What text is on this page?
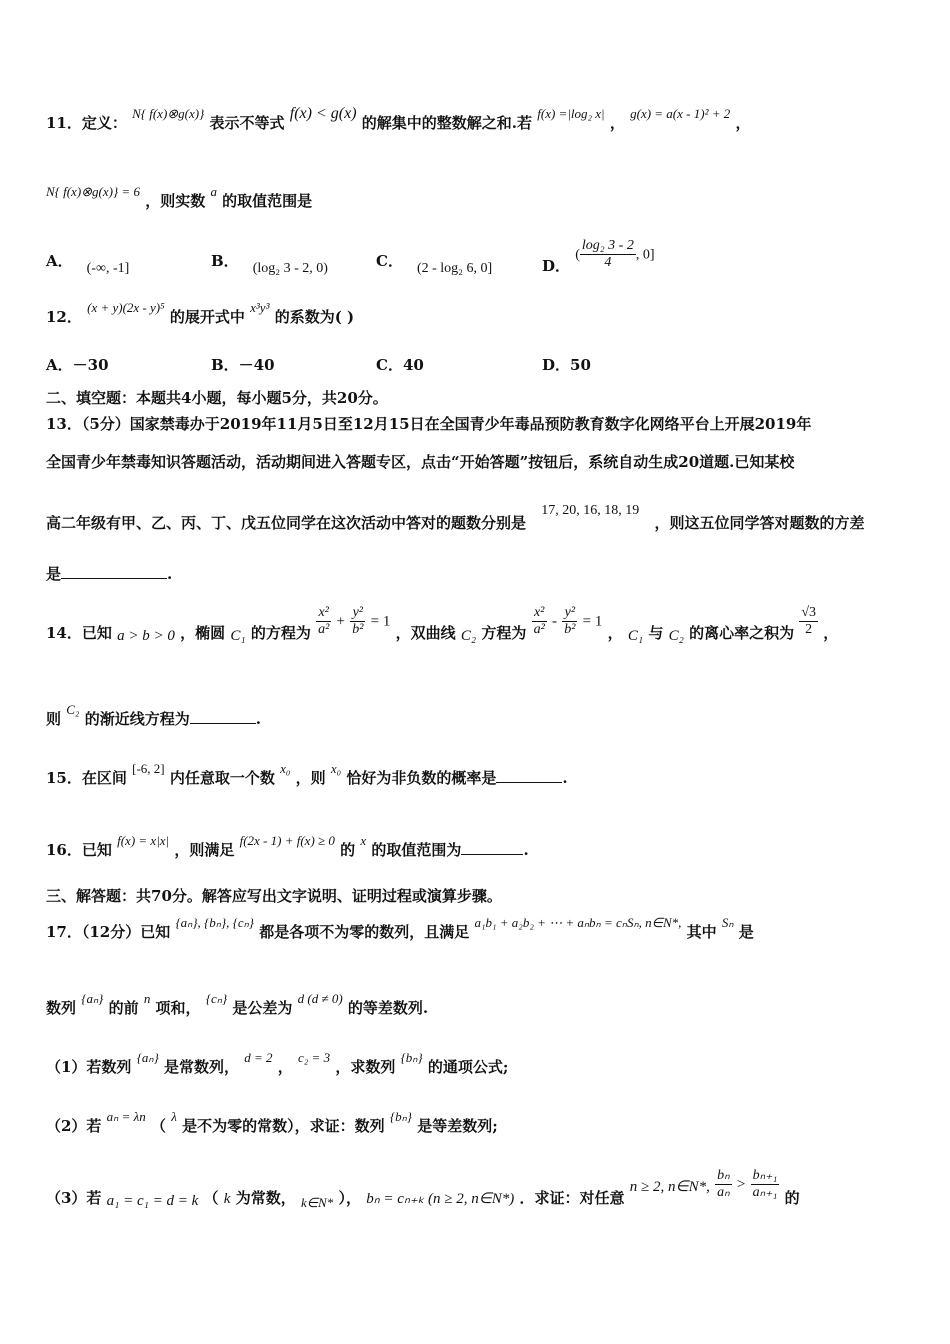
11．定义： N{ f(x)⊗g(x)} 表示不等式 f(x) < g(x) 的解集中的整数解之和.若 f(x) =|log₂ x| ， g(x) = a(x - 1)² + 2 ，
N{ f(x)⊗g(x)} = 6 ，则实数 a 的取值范围是
A． (-∞, -1]	B． (log₂ 3 - 2, 0)	C． (2 - log₂ 6, 0]	D． ( $\frac{\text{log₂ 3 - 2}}{4}$ , 0]
12． (x + y)(2x - y)⁵ 的展开式中 x³y³ 的系数为( )
A．－30	B．－40	C．40	D．50
二、填空题：本题共4小题，每小题5分，共20分。
13．（5分）国家禁毒办于2019年11月5日至12月15日在全国青少年毒品预防教育数字化网络平台上开展2019年
全国青少年禁毒知识答题活动，活动期间进入答题专区，点击“开始答题”按钮后，系统自动生成20道题.已知某校
高二年级有甲、乙、丙、丁、戊五位同学在这次活动中答对的题数分别是 17, 20, 16, 18, 19 ，则这五位同学答对题数的方差
是	.
14．已知 a > b > 0 ，椭圆 C₁ 的方程为 $\frac{\text{x²}}{\text{a²}} + \frac{\text{y²}}{\text{b²}} = 1$ ，双曲线 C₂ 方程为 $\frac{\text{x²}}{\text{a²}} - \frac{\text{y²}}{\text{b²}} = 1$ ， C₁ 与 C₂ 的离心率之积为 $\frac{√3}{2}$ ，
则 C₂ 的渐近线方程为	.
15．在区间 [-6, 2] 内任意取一个数 x₀ ，则 x₀ 恰好为非负数的概率是	.
16．已知 f(x) = x|x| ，则满足 f(2x - 1) + f(x) ≥ 0 的 x 的取值范围为	.
三、解答题：共70分。解答应写出文字说明、证明过程或演算步骤。
17．（12分）已知 {aₙ}, {bₙ}, {cₙ} 都是各项不为零的数列，且满足 a₁b₁ + a₂b₂ + ⋯ + aₙbₙ = cₙSₙ, n∈N*, 其中 Sₙ 是
数列 {aₙ} 的前 n 项和， {cₙ} 是公差为 d (d ≠ 0) 的等差数列.
（1）若数列 {aₙ} 是常数列， d = 2 ， c₂ = 3 ，求数列 {bₙ} 的通项公式;
（2）若 aₙ = λn （ λ 是不为零的常数），求证：数列 {bₙ} 是等差数列;
（3）若 a₁ = c₁ = d = k （ k 为常数， k∈N* ）， bₙ = cₙ₊ₖ (n ≥ 2, n∈N*) ．求证：对任意 n ≥ 2, n∈N*, $\frac{\text{bₙ}}{\text{aₙ}} > \frac{\text{bₙ₊₁}}{\text{aₙ₊₁}}$ 的
